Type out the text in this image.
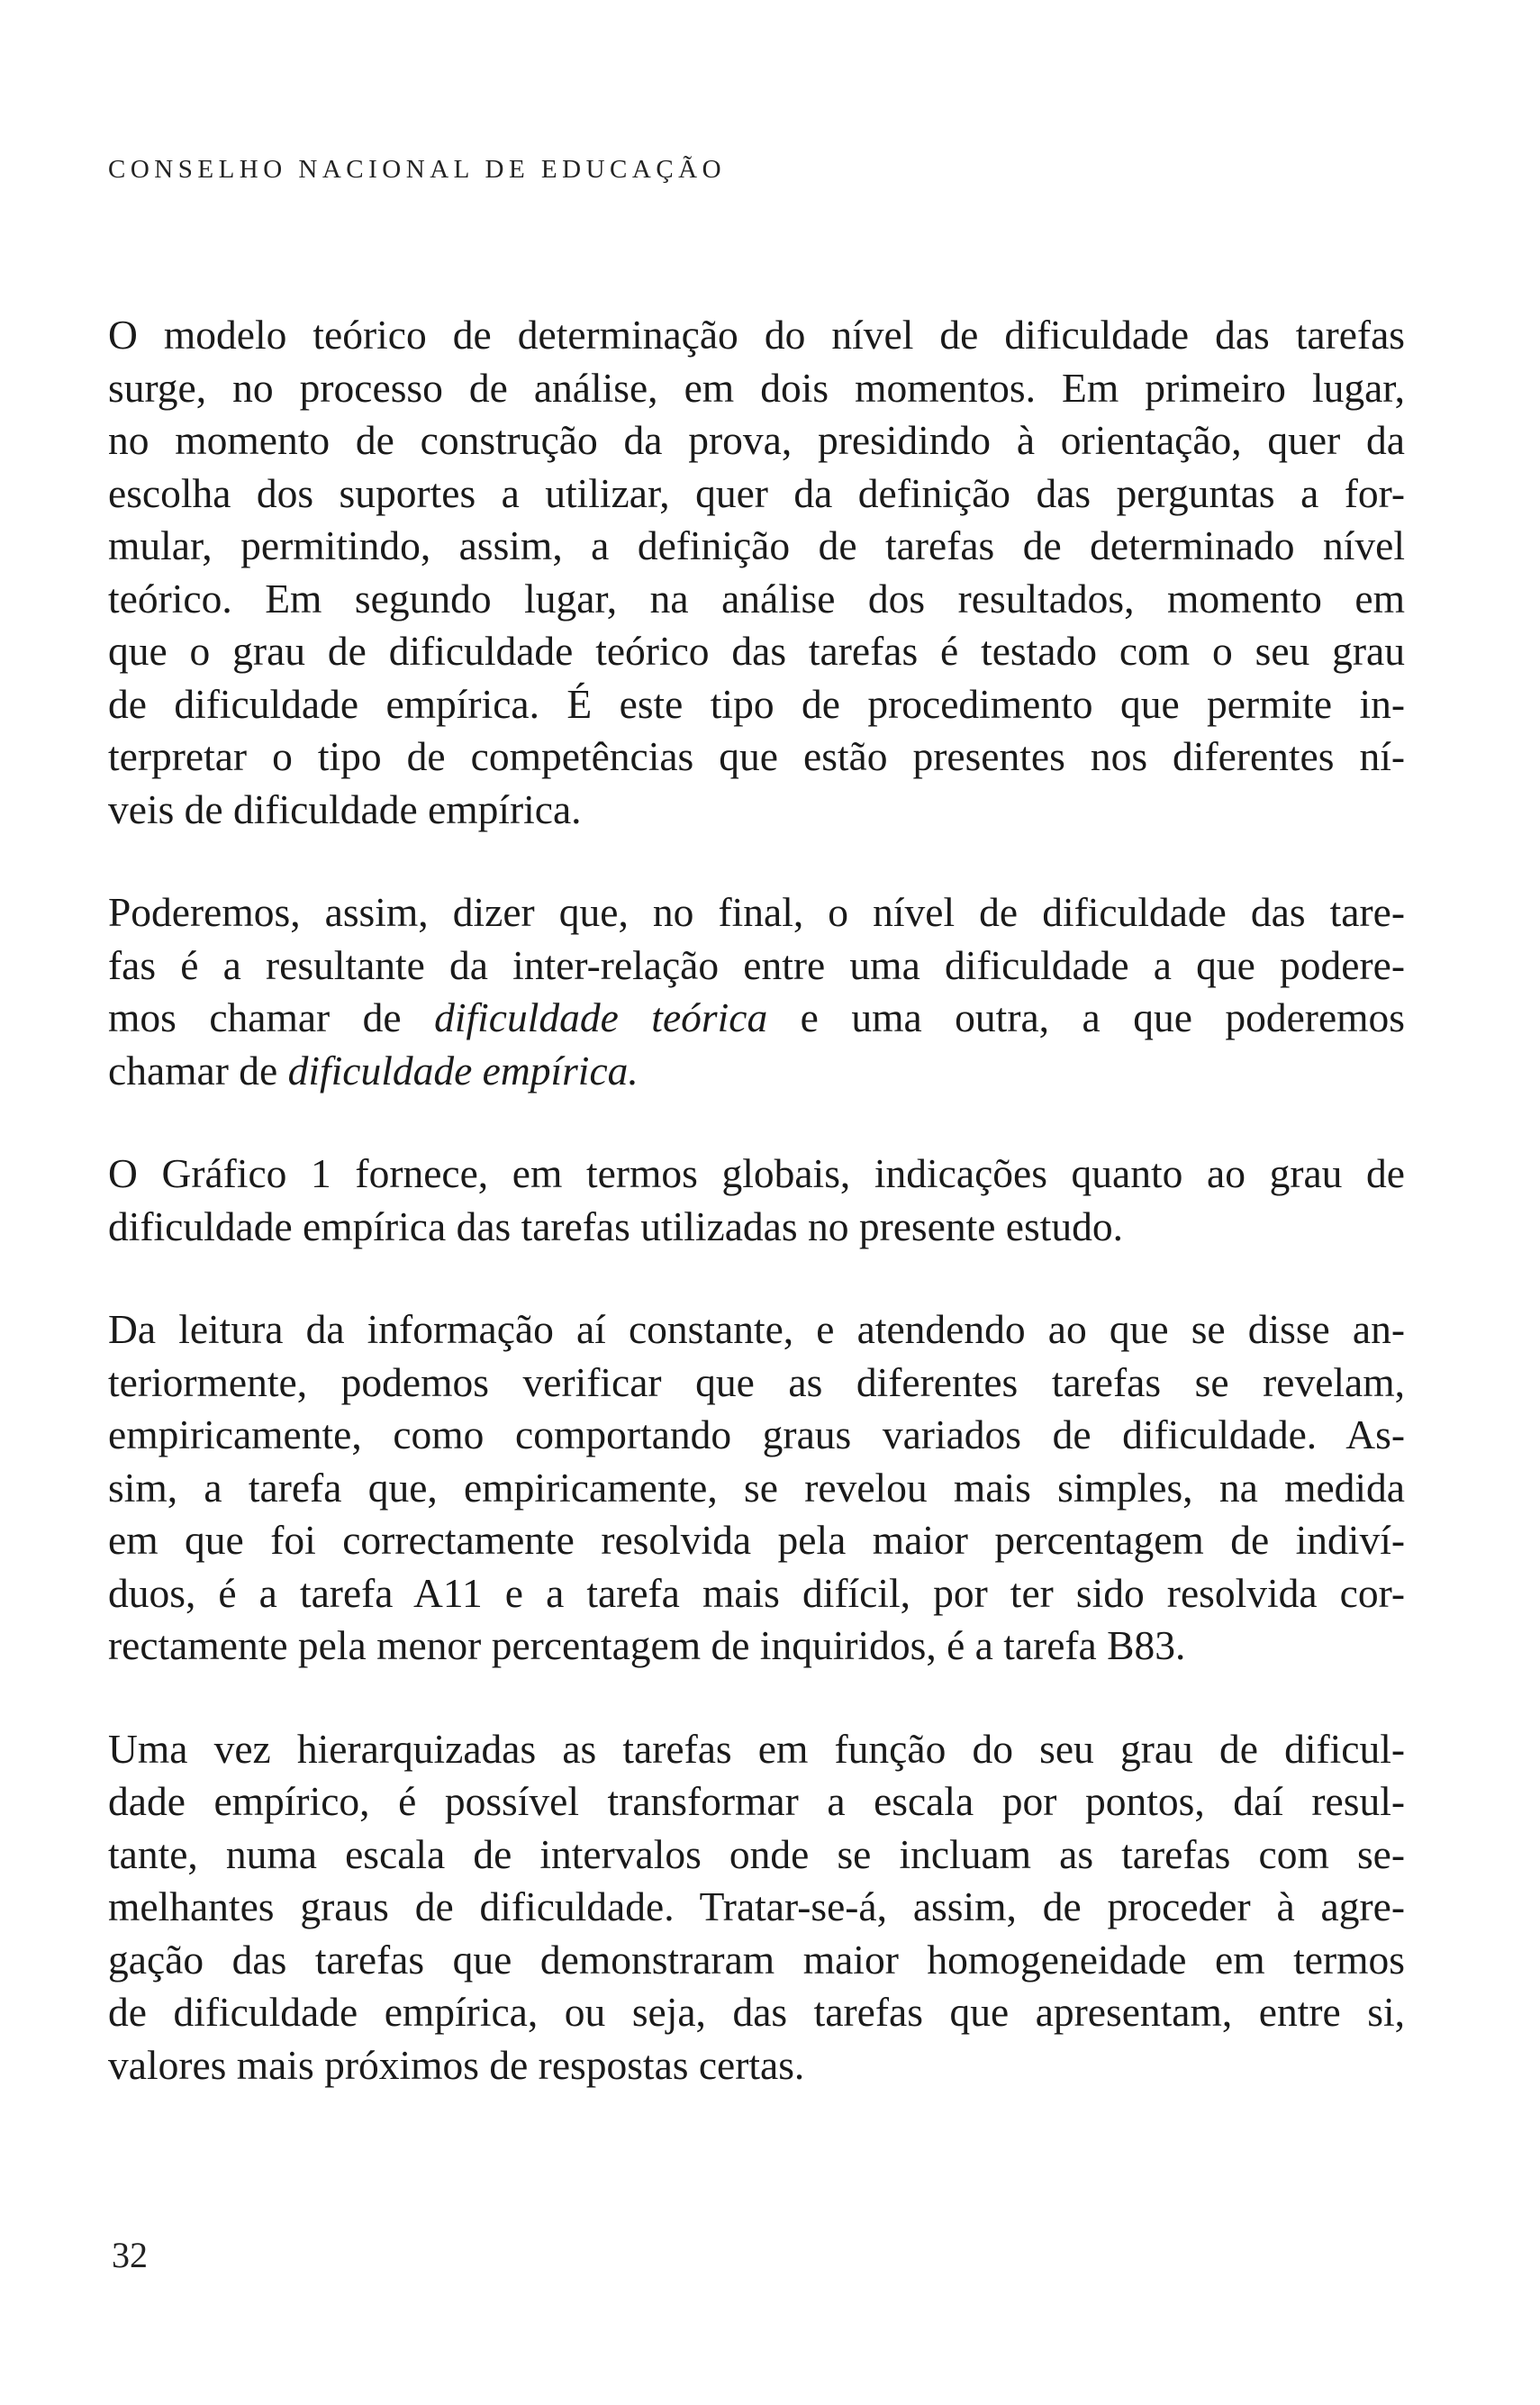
CONSELHO NACIONAL DE EDUCAÇÃO

O modelo teórico de determinação do nível de dificuldade das tarefas
surge, no processo de análise, em dois momentos. Em primeiro lugar,
no momento de construção da prova, presidindo à orientação, quer da
escolha dos suportes a utilizar, quer da definição das perguntas a for-
mular, permitindo, assim, a definição de tarefas de determinado nível
teórico. Em segundo lugar, na análise dos resultados, momento em
que o grau de dificuldade teórico das tarefas é testado com o seu grau
de dificuldade empírica. É este tipo de procedimento que permite in-
terpretar o tipo de competências que estão presentes nos diferentes ní-
veis de dificuldade empírica.

Poderemos, assim, dizer que, no final, o nível de dificuldade das tare-
fas é a resultante da inter-relação entre uma dificuldade a que podere-
mos chamar de dificuldade teórica e uma outra, a que poderemos
chamar de dificuldade empírica.

O Gráfico 1 fornece, em termos globais, indicações quanto ao grau de
dificuldade empírica das tarefas utilizadas no presente estudo.

Da leitura da informação aí constante, e atendendo ao que se disse an-
teriormente, podemos verificar que as diferentes tarefas se revelam,
empiricamente, como comportando graus variados de dificuldade. As-
sim, a tarefa que, empiricamente, se revelou mais simples, na medida
em que foi correctamente resolvida pela maior percentagem de indiví-
duos, é a tarefa A11 e a tarefa mais difícil, por ter sido resolvida cor-
rectamente pela menor percentagem de inquiridos, é a tarefa B83.

Uma vez hierarquizadas as tarefas em função do seu grau de dificul-
dade empírico, é possível transformar a escala por pontos, daí resul-
tante, numa escala de intervalos onde se incluam as tarefas com se-
melhantes graus de dificuldade. Tratar-se-á, assim, de proceder à agre-
gação das tarefas que demonstraram maior homogeneidade em termos
de dificuldade empírica, ou seja, das tarefas que apresentam, entre si,
valores mais próximos de respostas certas.

32
